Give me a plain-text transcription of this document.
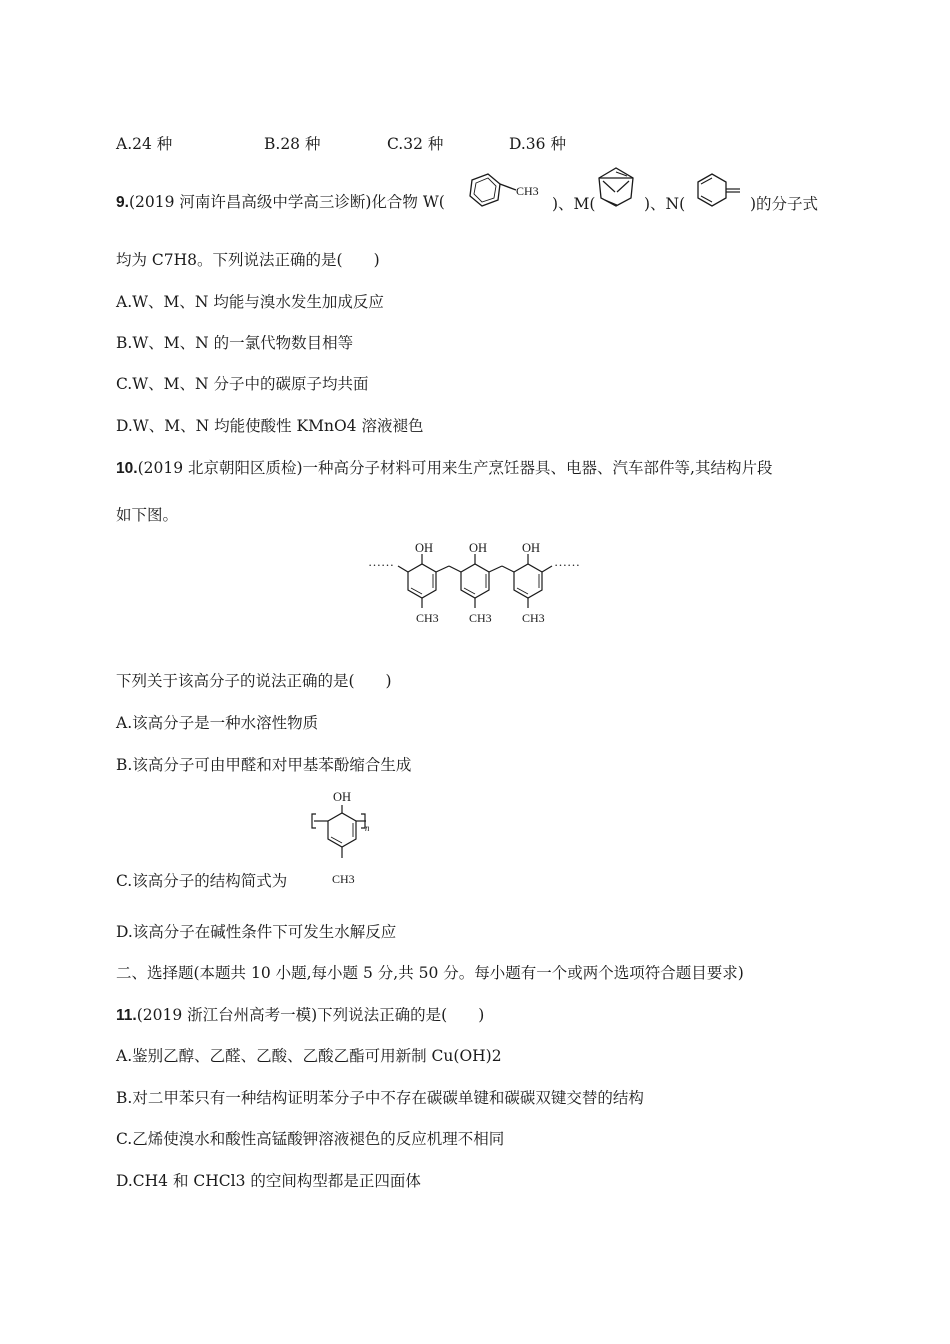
A.24 种	B.28 种	C.32 种	D.36 种
9.(2019 河南许昌高级中学高三诊断)化合物 W(
CH3
)、M(	)、N(	)的分子式
均为 C7H8。下列说法正确的是(　　)
A.W、M、N 均能与溴水发生加成反应
B.W、M、N 的一氯代物数目相等
C.W、M、N 分子中的碳原子均共面
D.W、M、N 均能使酸性 KMnO4 溶液褪色
10.(2019 北京朝阳区质检)一种高分子材料可用来生产烹饪器具、电器、汽车部件等,其结构片段
如下图。
……	……
OH
CH3
OH
CH3
OH
CH3
下列关于该高分子的说法正确的是(　　)
A.该高分子是一种水溶性物质
B.该高分子可由甲醛和对甲基苯酚缩合生成
OH
n
CH3
C.该高分子的结构简式为
D.该高分子在碱性条件下可发生水解反应
二、选择题(本题共 10 小题,每小题 5 分,共 50 分。每小题有一个或两个选项符合题目要求)
11.(2019 浙江台州高考一模)下列说法正确的是(　　)
A.鉴别乙醇、乙醛、乙酸、乙酸乙酯可用新制 Cu(OH)2
B.对二甲苯只有一种结构证明苯分子中不存在碳碳单键和碳碳双键交替的结构
C.乙烯使溴水和酸性高锰酸钾溶液褪色的反应机理不相同
D.CH4 和 CHCl3 的空间构型都是正四面体
